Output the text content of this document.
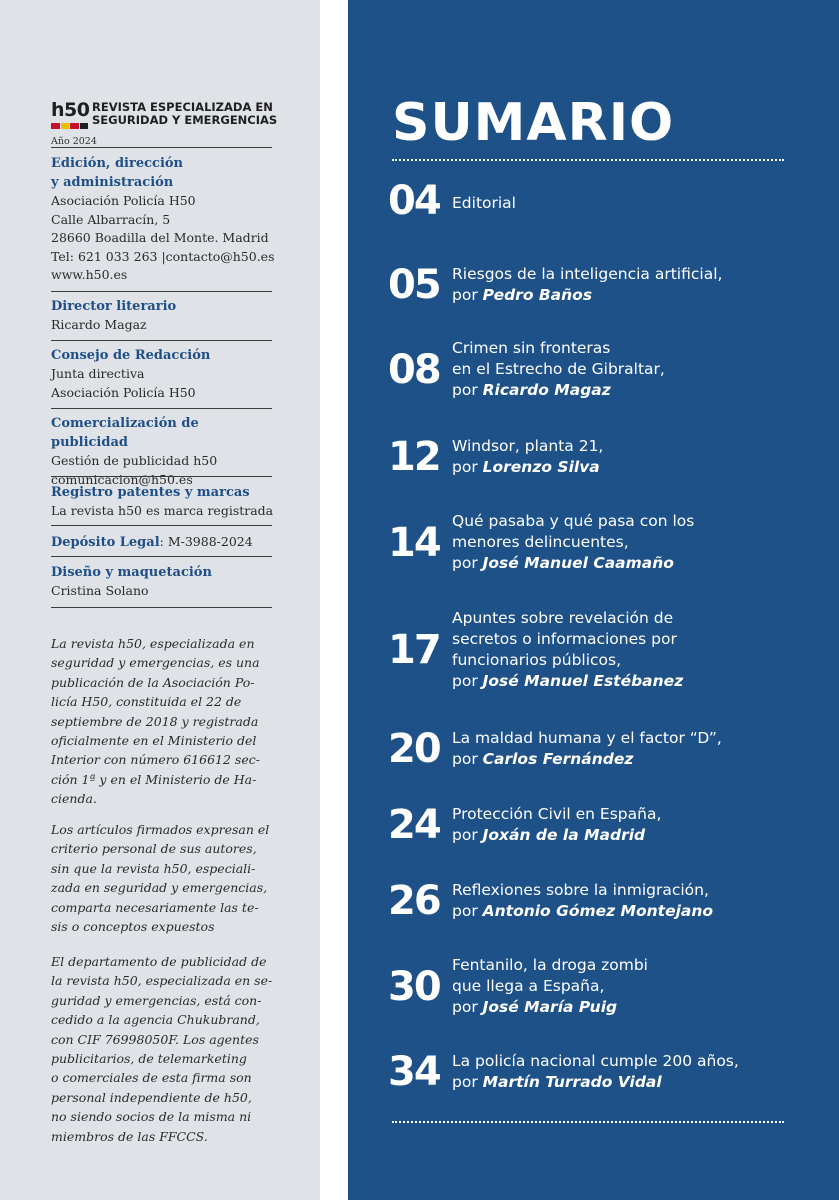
h50 REVISTA ESPECIALIZADA EN
SEGURIDAD Y EMERGENCIAS
Año 2024
Edición, dirección
y administración
Asociación Policía H50
Calle Albarracín, 5
28660 Boadilla del Monte. Madrid
Tel: 621 033 263 |contacto@h50.es
www.h50.es
Director literario
Ricardo Magaz
Consejo de Redacción
Junta directiva
Asociación Policía H50
Comercialización de publicidad
Gestión de publicidad h50
comunicacion@h50.es
Registro patentes y marcas
La revista h50 es marca registrada
Depósito Legal: M-3988-2024
Diseño y maquetación
Cristina Solano
La revista h50, especializada en
seguridad y emergencias, es una
publicación de la Asociación Po-
licía H50, constituida el 22 de
septiembre de 2018 y registrada
oficialmente en el Ministerio del
Interior con número 616612 sec-
ción 1ª y en el Ministerio de Ha-
cienda.
Los artículos firmados expresan el
criterio personal de sus autores,
sin que la revista h50, especiali-
zada en seguridad y emergencias,
comparta necesariamente las te-
sis o conceptos expuestos
El departamento de publicidad de
la revista h50, especializada en se-
guridad y emergencias, está con-
cedido a la agencia Chukubrand,
con CIF 76998050F. Los agentes
publicitarios, de telemarketing
o comerciales de esta firma son
personal independiente de h50,
no siendo socios de la misma ni
miembros de las FFCCS.
SUMARIO
04 Editorial
05 Riesgos de la inteligencia artificial,
por Pedro Baños
08 Crimen sin fronteras
en el Estrecho de Gibraltar,
por Ricardo Magaz
12 Windsor, planta 21,
por Lorenzo Silva
14 Qué pasaba y qué pasa con los
menores delincuentes,
por José Manuel Caamaño
17
Apuntes sobre revelación de
secretos o informaciones por
funcionarios públicos,
por José Manuel Estébanez
20 La maldad humana y el factor “D”,
por Carlos Fernández
24 Protección Civil en España,
por Joxán de la Madrid
26 Reflexiones sobre la inmigración,
por Antonio Gómez Montejano
30 Fentanilo, la droga zombi
que llega a España,
por José María Puig
34 La policía nacional cumple 200 años,
por Martín Turrado Vidal
